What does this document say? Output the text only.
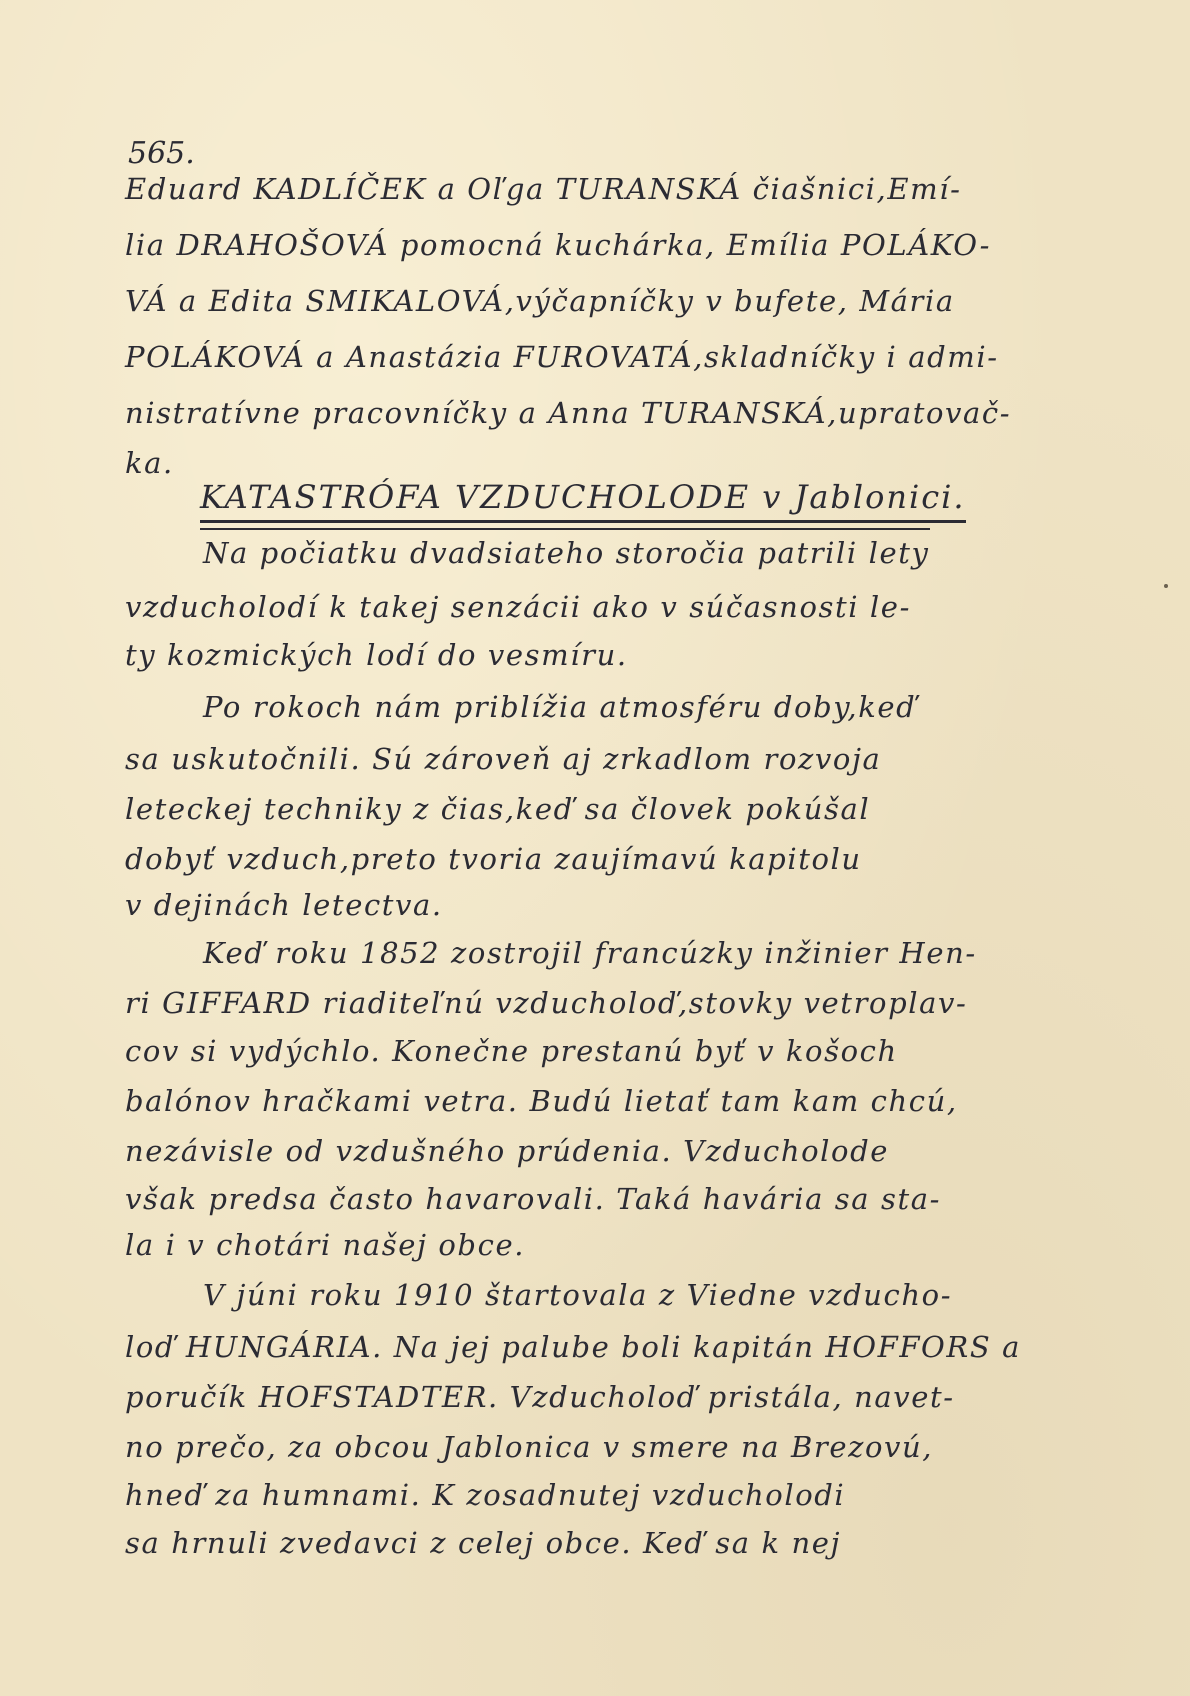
565.
Eduard KADLÍČEK a Oľga TURANSKÁ čiašnici,Emí-
lia DRAHOŠOVÁ pomocná kuchárka, Emília POLÁKO-
VÁ a Edita SMIKALOVÁ,výčapníčky v bufete, Mária
POLÁKOVÁ a Anastázia FUROVATÁ,skladníčky i admi-
nistratívne pracovníčky a Anna TURANSKÁ,upratovač-
ka.
KATASTRÓFA VZDUCHOLODE v Jablonici.
Na počiatku dvadsiateho storočia patrili lety
vzducholodí k takej senzácii ako v súčasnosti le-
ty kozmických lodí do vesmíru.
Po rokoch nám priblížia atmosféru doby,keď
sa uskutočnili. Sú zároveň aj zrkadlom rozvoja
leteckej techniky z čias,keď sa človek pokúšal
dobyť vzduch,preto tvoria zaujímavú kapitolu
v dejinách letectva.
Keď roku 1852 zostrojil francúzky inžinier Hen-
ri GIFFARD riaditeľnú vzducholoď,stovky vetroplav-
cov si vydýchlo. Konečne prestanú byť v košoch
balónov hračkami vetra. Budú lietať tam kam chcú,
nezávisle od vzdušného prúdenia. Vzducholode
však predsa často havarovali. Taká havária sa sta-
la i v chotári našej obce.
V júni roku 1910 štartovala z Viedne vzducho-
loď HUNGÁRIA. Na jej palube boli kapitán HOFFORS a
poručík HOFSTADTER. Vzducholoď pristála, navet-
no prečo, za obcou Jablonica v smere na Brezovú,
hneď za humnami. K zosadnutej vzducholodi
sa hrnuli zvedavci z celej obce. Keď sa k nej
